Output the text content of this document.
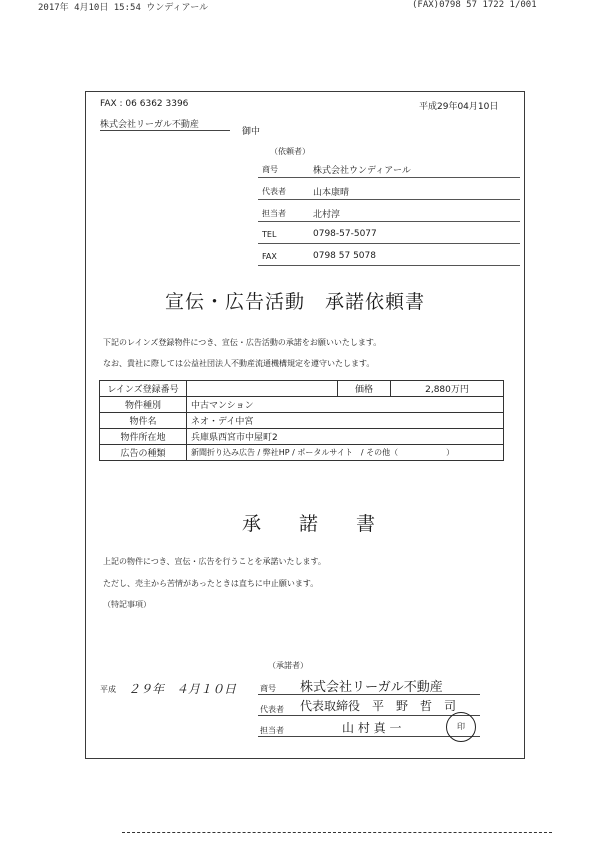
2017年 4月10日 15:54 ウンディアール	(FAX)0798 57 1722 1/001
FAX : 06 6362 3396	平成29年04月10日
株式会社リーガル不動産
御中
（依頼者）
商号	株式会社ウンディアール
代表者	山本康晴
担当者	北村淳
TEL	0798-57-5077
FAX	0798 57 5078
宣伝・広告活動　承諾依頼書
下記のレインズ登録物件につき、宣伝・広告活動の承諾をお願いいたします。
なお、貴社に際しては公益社団法人不動産流通機構規定を遵守いたします。
レインズ登録番号		価格	2,880万円
物件種別	中古マンション		
物件名	ネオ・デイ中宮		
物件所在地	兵庫県西宮市中屋町2		
広告の種類	新聞折り込み広告 / 弊社HP / ポータルサイト　/ その他（　　　　　　）		
承　　諾　　書
上記の物件につき、宣伝・広告を行うことを承諾いたします。
ただし、売主から苦情があったときは直ちに中止願います。
（特記事項）
（承諾者）
平成 ２９年　４月１０日	商号 株式会社リーガル不動産
代表者 代表取締役　平　野　哲　司
担当者	山 村 真 一	印
